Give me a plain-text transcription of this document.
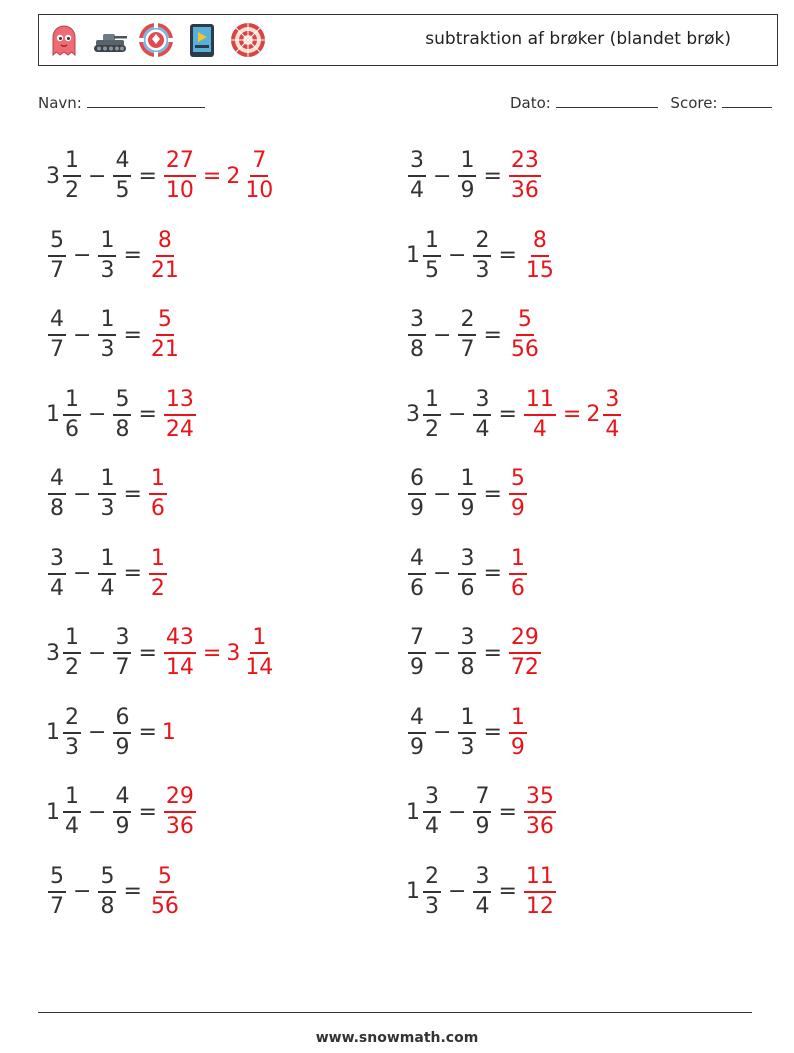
subtraktion af brøker (blandet brøk)
Navn:	Dato:	Score:
$3 \frac{1}{2} - \frac{4}{5} = \frac{27}{10} = 2 \frac{7}{10}$
$\frac{5}{7} - \frac{1}{3} = \frac{8}{21}$
$\frac{4}{7} - \frac{1}{3} = \frac{5}{21}$
$1 \frac{1}{6} - \frac{5}{8} = \frac{13}{24}$
$\frac{4}{8} - \frac{1}{3} = \frac{1}{6}$
$\frac{3}{4} - \frac{1}{4} = \frac{1}{2}$
$3 \frac{1}{2} - \frac{3}{7} = \frac{43}{14} = 3 \frac{1}{14}$
$1 \frac{2}{3} - \frac{6}{9} = 1$
$1 \frac{1}{4} - \frac{4}{9} = \frac{29}{36}$
$\frac{5}{7} - \frac{5}{8} = \frac{5}{56}$
$\frac{3}{4} - \frac{1}{9} = \frac{23}{36}$
$1 \frac{1}{5} - \frac{2}{3} = \frac{8}{15}$
$\frac{3}{8} - \frac{2}{7} = \frac{5}{56}$
$3 \frac{1}{2} - \frac{3}{4} = \frac{11}{4} = 2 \frac{3}{4}$
$\frac{6}{9} - \frac{1}{9} = \frac{5}{9}$
$\frac{4}{6} - \frac{3}{6} = \frac{1}{6}$
$\frac{7}{9} - \frac{3}{8} = \frac{29}{72}$
$\frac{4}{9} - \frac{1}{3} = \frac{1}{9}$
$1 \frac{3}{4} - \frac{7}{9} = \frac{35}{36}$
$1 \frac{2}{3} - \frac{3}{4} = \frac{11}{12}$
www.snowmath.com
